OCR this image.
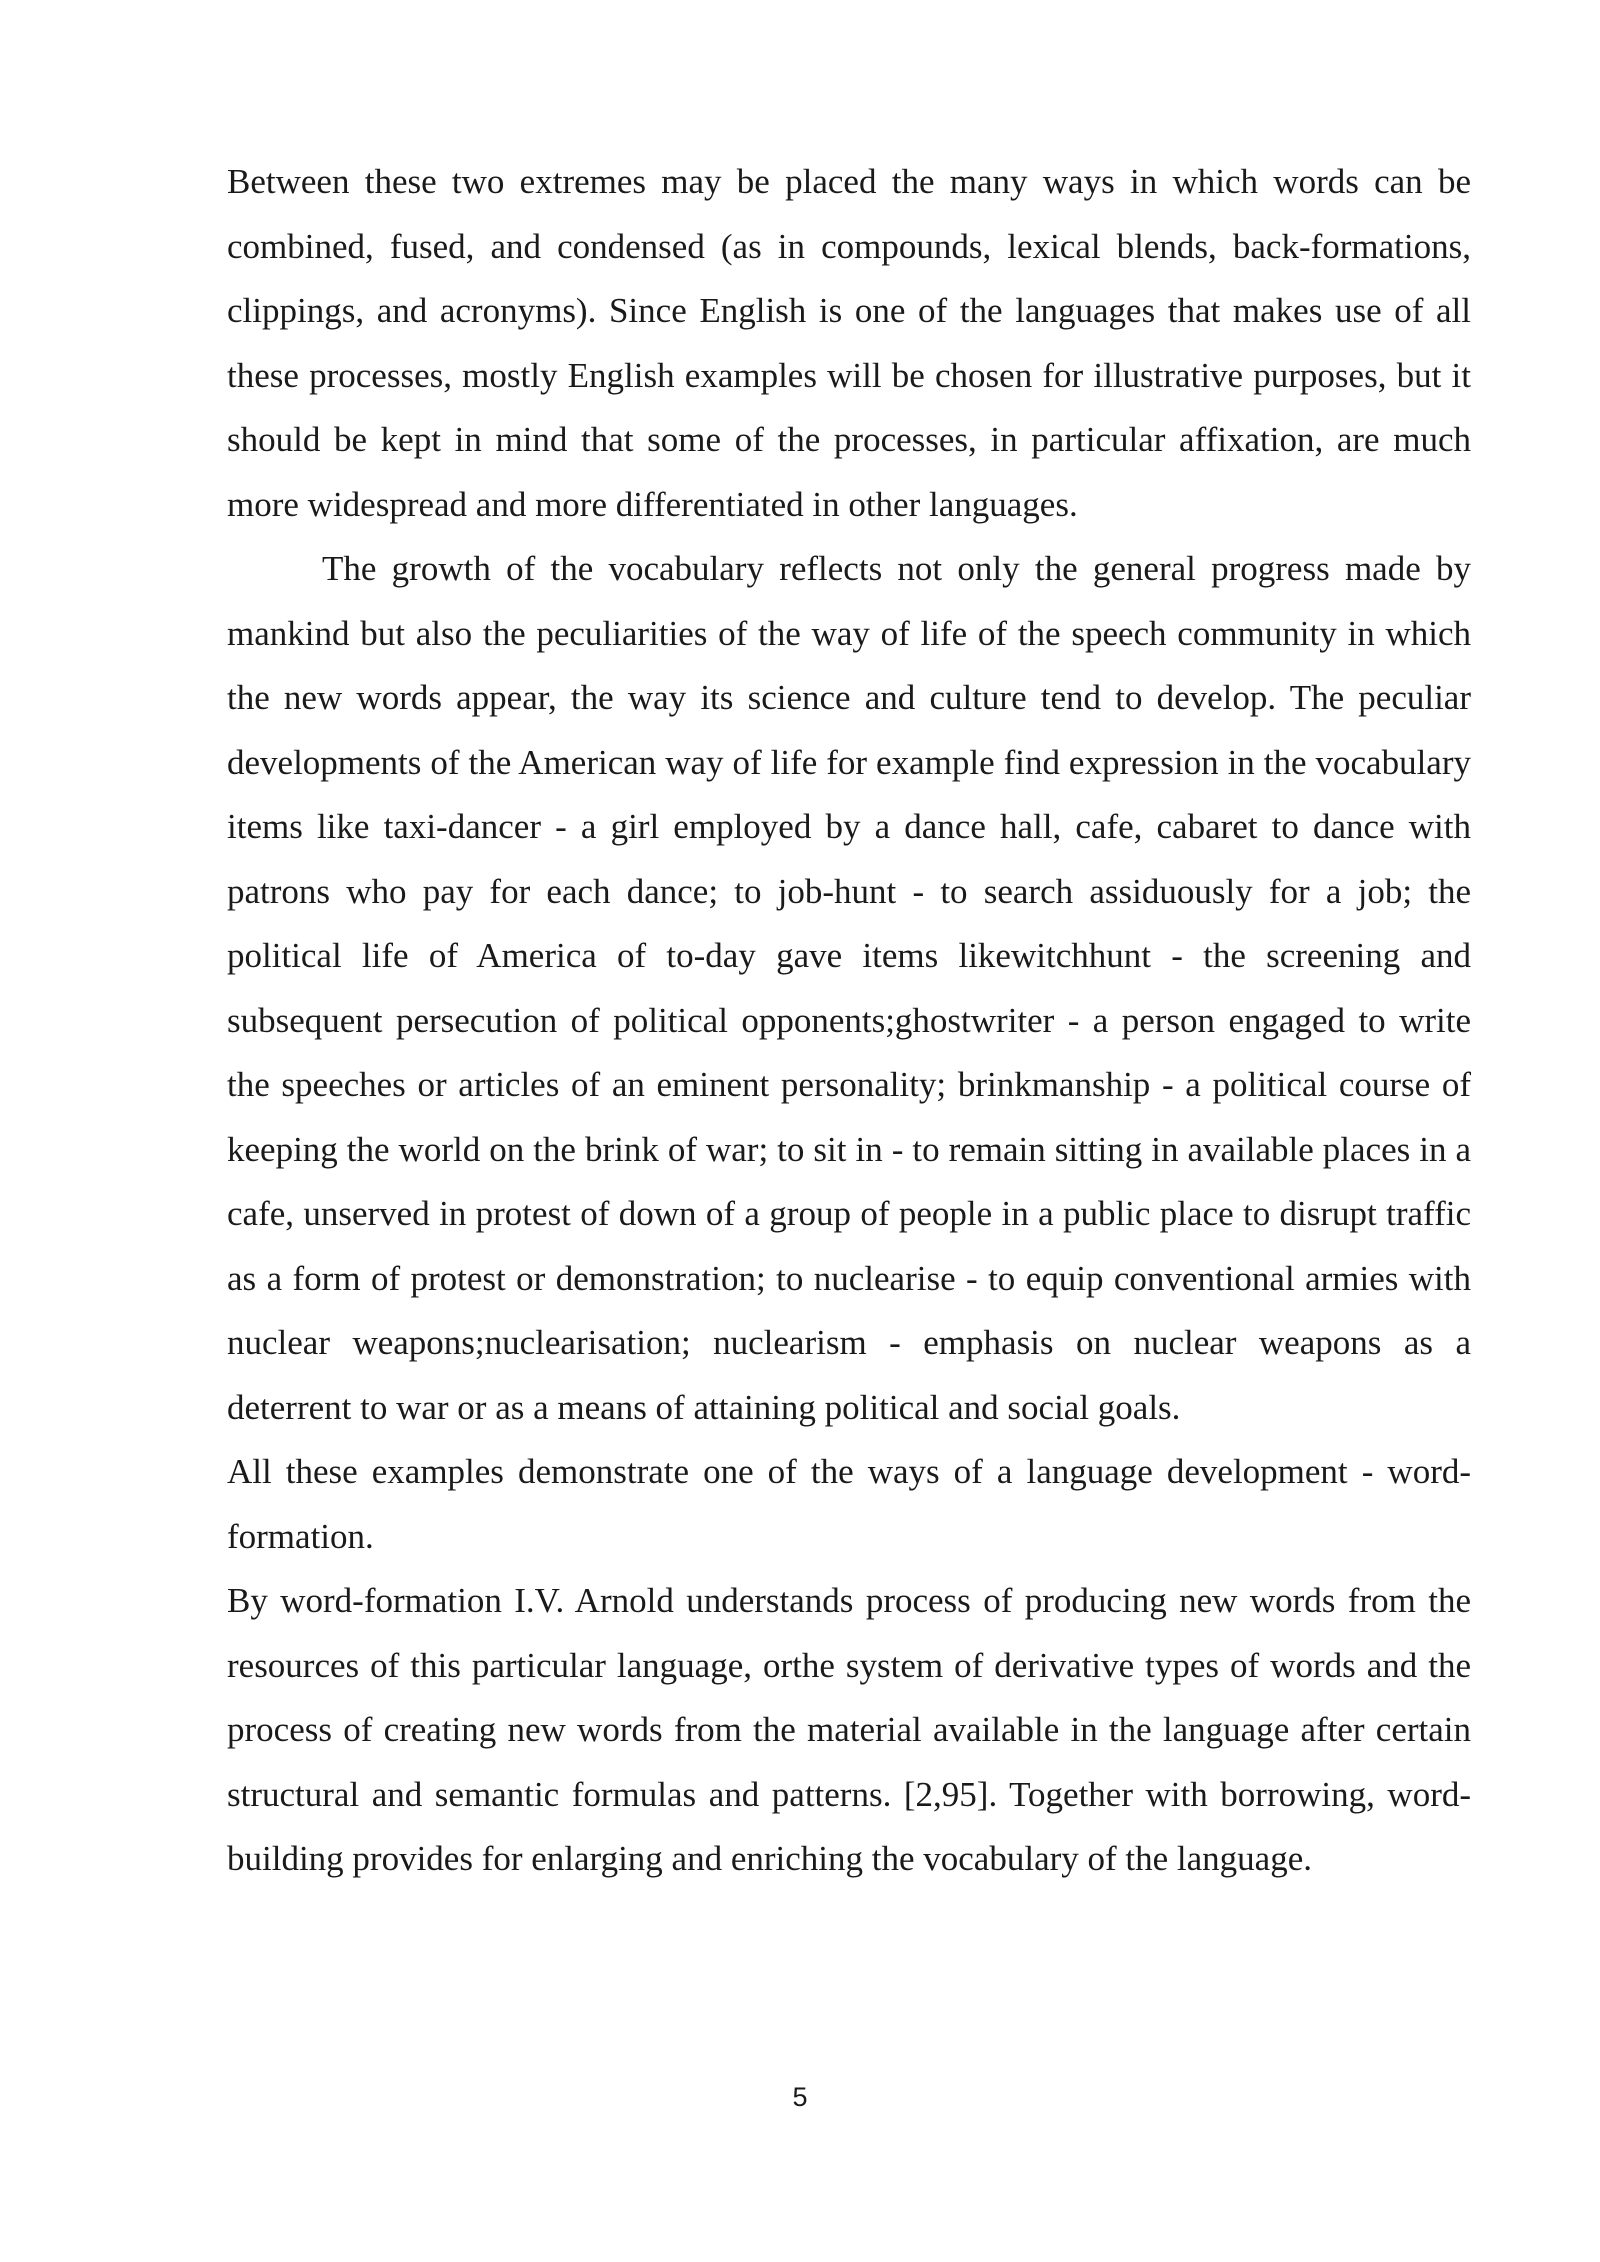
Between these two extremes may be placed the many ways in which words can be combined, fused, and condensed (as in compounds, lexical blends, back-formations, clippings, and acronyms). Since English is one of the languages that makes use of all these processes, mostly English examples will be chosen for illustrative purposes, but it should be kept in mind that some of the processes, in particular affixation, are much more widespread and more differentiated in other languages.

The growth of the vocabulary reflects not only the general progress made by mankind but also the peculiarities of the way of life of the speech community in which the new words appear, the way its science and culture tend to develop. The peculiar developments of the American way of life for example find expression in the vocabulary items like taxi-dancer - a girl employed by a dance hall, cafe, cabaret to dance with patrons who pay for each dance; to job-hunt - to search assiduously for a job; the political life of America of to-day gave items likewitchhunt - the screening and subsequent persecution of political opponents;ghostwriter - a person engaged to write the speeches or articles of an eminent personality; brinkmanship - a political course of keeping the world on the brink of war; to sit in - to remain sitting in available places in a cafe, unserved in protest of down of a group of people in a public place to disrupt traffic as a form of protest or demonstration; to nuclearise - to equip conventional armies with nuclear weapons;nuclearisation; nuclearism - emphasis on nuclear weapons as a deterrent to war or as a means of attaining political and social goals.

All these examples demonstrate one of the ways of a language development - word-formation.

By word-formation I.V. Arnold understands process of producing new words from the resources of this particular language, orthe system of derivative types of words and the process of creating new words from the material available in the language after certain structural and semantic formulas and patterns. [2,95]. Together with borrowing, word-building provides for enlarging and enriching the vocabulary of the language.

5
